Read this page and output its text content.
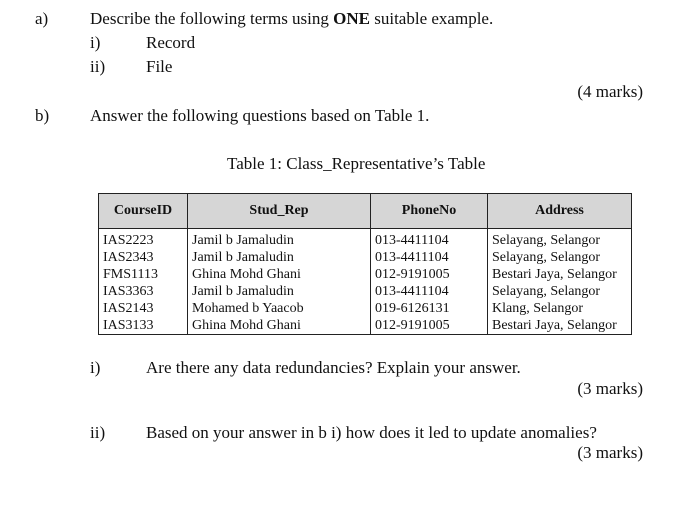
a) Describe the following terms using ONE suitable example.
i)	Record
ii) File
(4 marks)
b) Answer the following questions based on Table 1.
Table 1: Class_Representative’s Table
CourseID	Stud_Rep	PhoneNo	Address

IAS2223	Jamil b Jamaludin	013-4411104	Selayang, Selangor
IAS2343	Jamil b Jamaludin	013-4411104	Selayang, Selangor
FMS1113	Ghina Mohd Ghani	012-9191005	Bestari Jaya, Selangor
IAS3363	Jamil b Jamaludin	013-4411104	Selayang, Selangor
IAS2143	Mohamed b Yaacob	019-6126131	Klang, Selangor
IAS3133	Ghina Mohd Ghani	012-9191005	Bestari Jaya, Selangor
i)	Are there any data redundancies? Explain your answer.
(3 marks)
ii) Based on your answer in b i) how does it led to update anomalies?
(3 marks)
